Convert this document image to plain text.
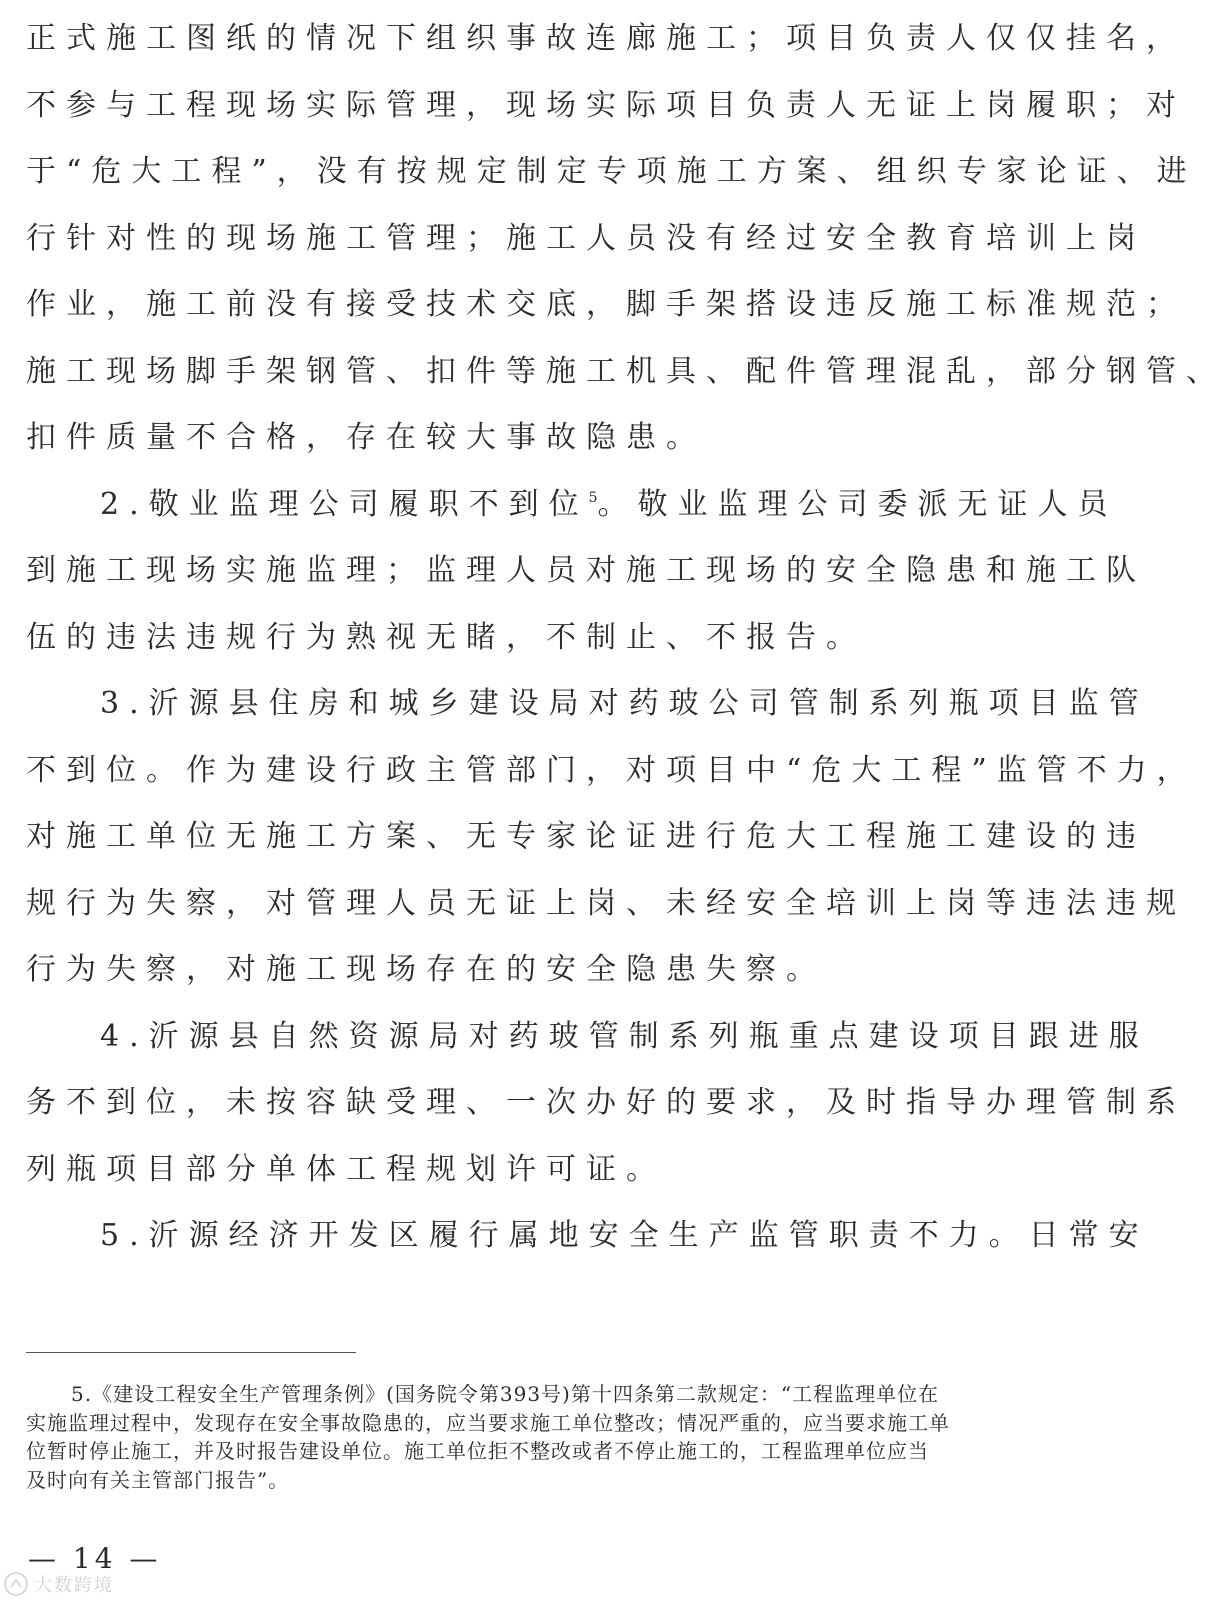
正式施工图纸的情况下组织事故连廊施工；项目负责人仅仅挂名，
不参与工程现场实际管理，现场实际项目负责人无证上岗履职；对
于“危大工程”，没有按规定制定专项施工方案、组织专家论证、进
行针对性的现场施工管理；施工人员没有经过安全教育培训上岗
作业，施工前没有接受技术交底，脚手架搭设违反施工标准规范；
施工现场脚手架钢管、扣件等施工机具、配件管理混乱，部分钢管、
扣件质量不合格，存在较大事故隐患。
2.敬业监理公司履职不到位$^5$。敬业监理公司委派无证人员
到施工现场实施监理；监理人员对施工现场的安全隐患和施工队
伍的违法违规行为熟视无睹，不制止、不报告。
3.沂源县住房和城乡建设局对药玻公司管制系列瓶项目监管
不到位。作为建设行政主管部门，对项目中“危大工程”监管不力，
对施工单位无施工方案、无专家论证进行危大工程施工建设的违
规行为失察，对管理人员无证上岗、未经安全培训上岗等违法违规
行为失察，对施工现场存在的安全隐患失察。
4.沂源县自然资源局对药玻管制系列瓶重点建设项目跟进服
务不到位，未按容缺受理、一次办好的要求，及时指导办理管制系
列瓶项目部分单体工程规划许可证。
5.沂源经济开发区履行属地安全生产监管职责不力。日常安
5.《建设工程安全生产管理条例》(国务院令第393号)第十四条第二款规定：“工程监理单位在
实施监理过程中，发现存在安全事故隐患的，应当要求施工单位整改；情况严重的，应当要求施工单
位暂时停止施工，并及时报告建设单位。施工单位拒不整改或者不停止施工的，工程监理单位应当
及时向有关主管部门报告”。
— 14 —
大数跨境
